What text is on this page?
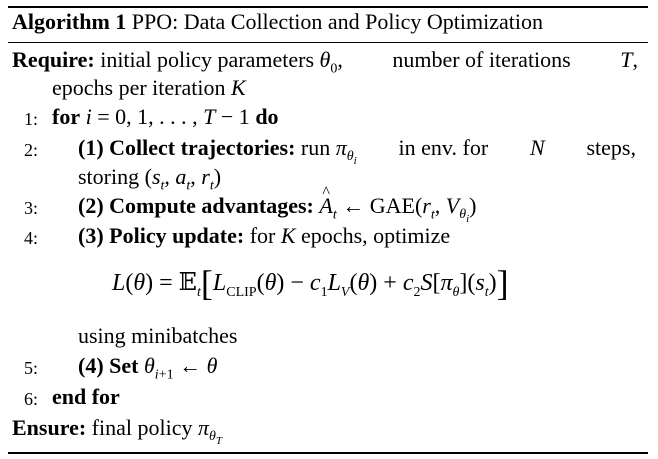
Algorithm 1 PPO: Data Collection and Policy Optimization
Require: initial policy parameters $\theta_0$, number of iterations T,
epochs per iteration K
1: for i = 0, 1, . . . , T − 1 do
2: (1) Collect trajectories: run $\pi_{\theta_i}$
in env. for N steps,
storing ($s_t$, $a_t$, $r_t$)
3: (2) Compute advantages: ^ $A_t$ ← $GAE(r_t$, $V_{\theta_i}$)
4: (3) Policy update: for K epochs, optimize
$L(\theta) = 𝔼_t[L_{CLIP}(\theta) - c_1L_V(\theta) + c_2S[\pi_\theta](s_t)]$
using minibatches
5: (4) Set $\theta_{i+1}$ ← θ
6: end for
Ensure: final policy $\pi_{\theta_T}$
